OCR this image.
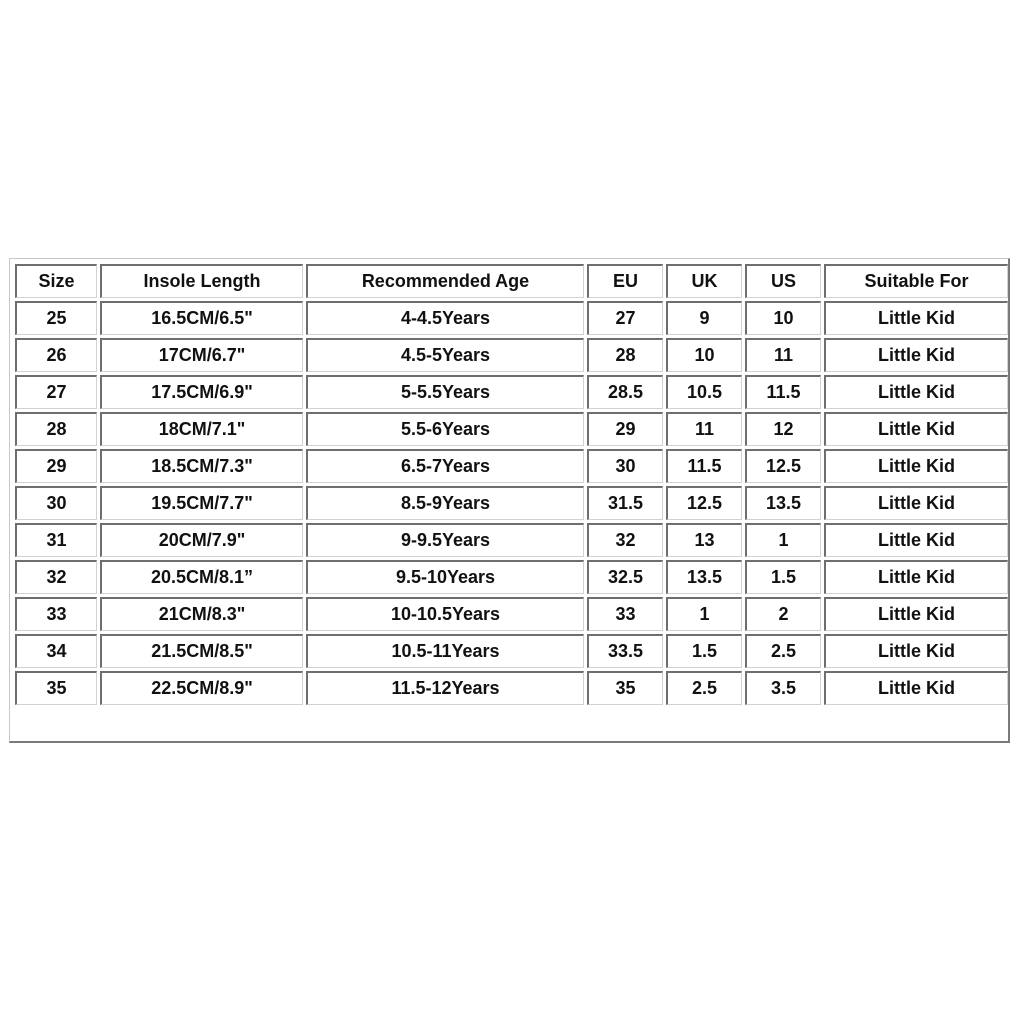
Size	Insole Length	Recommended Age	EU	UK	US	Suitable For
25	16.5CM/6.5"	4-4.5Years	27	9	10	Little Kid
26	17CM/6.7"	4.5-5Years	28	10	11	Little Kid
27	17.5CM/6.9"	5-5.5Years	28.5	10.5	11.5	Little Kid
28	18CM/7.1"	5.5-6Years	29	11	12	Little Kid
29	18.5CM/7.3"	6.5-7Years	30	11.5	12.5	Little Kid
30	19.5CM/7.7"	8.5-9Years	31.5	12.5	13.5	Little Kid
31	20CM/7.9"	9-9.5Years	32	13	1	Little Kid
32	20.5CM/8.1”	9.5-10Years	32.5	13.5	1.5	Little Kid
33	21CM/8.3"	10-10.5Years	33	1	2	Little Kid
34	21.5CM/8.5"	10.5-11Years	33.5	1.5	2.5	Little Kid
35	22.5CM/8.9"	11.5-12Years	35	2.5	3.5	Little Kid
